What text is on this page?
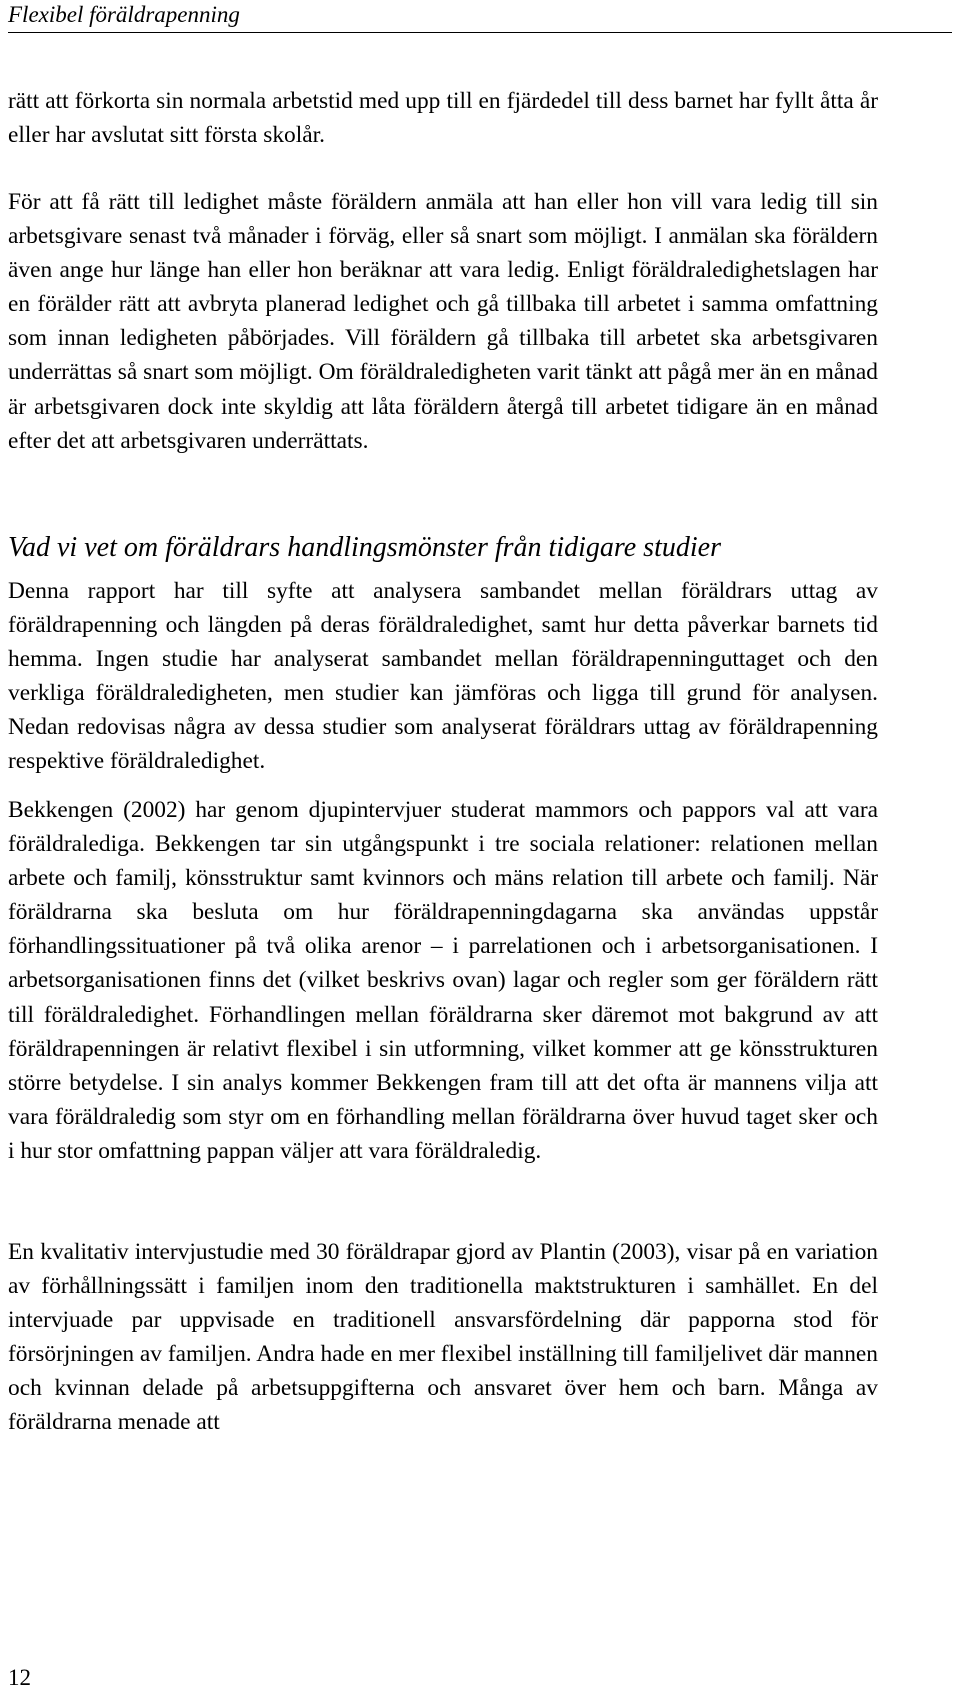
Flexibel föräldrapenning

rätt att förkorta sin normala arbetstid med upp till en fjärdedel till dess barnet har fyllt åtta år eller har avslutat sitt första skolår.

För att få rätt till ledighet måste föräldern anmäla att han eller hon vill vara ledig till sin arbetsgivare senast två månader i förväg, eller så snart som möjligt. I anmälan ska föräldern även ange hur länge han eller hon beräknar att vara ledig. Enligt föräldraledighetslagen har en förälder rätt att avbryta planerad ledighet och gå tillbaka till arbetet i samma omfattning som innan ledigheten påbörjades. Vill föräldern gå tillbaka till arbetet ska arbetsgivaren underrättas så snart som möjligt. Om föräldraledigheten varit tänkt att pågå mer än en månad är arbetsgivaren dock inte skyldig att låta föräldern återgå till arbetet tidigare än en månad efter det att arbetsgivaren underrättats.

Vad vi vet om föräldrars handlingsmönster från tidigare studier

Denna rapport har till syfte att analysera sambandet mellan föräldrars uttag av föräldrapenning och längden på deras föräldraledighet, samt hur detta påverkar barnets tid hemma. Ingen studie har analyserat sambandet mellan föräldrapenninguttaget och den verkliga föräldraledigheten, men studier kan jämföras och ligga till grund för analysen. Nedan redovisas några av dessa studier som analyserat föräldrars uttag av föräldrapenning respektive föräldraledighet.

Bekkengen (2002) har genom djupintervjuer studerat mammors och pappors val att vara föräldralediga. Bekkengen tar sin utgångspunkt i tre sociala relationer: relationen mellan arbete och familj, könsstruktur samt kvinnors och mäns relation till arbete och familj. När föräldrarna ska besluta om hur föräldrapenningdagarna ska användas uppstår förhandlingssituationer på två olika arenor – i parrelationen och i arbetsorganisationen. I arbetsorganisationen finns det (vilket beskrivs ovan) lagar och regler som ger föräldern rätt till föräldraledighet. Förhandlingen mellan föräldrarna sker däremot mot bakgrund av att föräldrapenningen är relativt flexibel i sin utformning, vilket kommer att ge könsstrukturen större betydelse. I sin analys kommer Bekkengen fram till att det ofta är mannens vilja att vara föräldraledig som styr om en förhandling mellan föräldrarna över huvud taget sker och i hur stor omfattning pappan väljer att vara föräldraledig.

En kvalitativ intervjustudie med 30 föräldrapar gjord av Plantin (2003), visar på en variation av förhållningssätt i familjen inom den traditionella maktstrukturen i samhället. En del intervjuade par uppvisade en traditionell ansvarsfördelning där papporna stod för försörjningen av familjen. Andra hade en mer flexibel inställning till familjelivet där mannen och kvinnan delade på arbetsuppgifterna och ansvaret över hem och barn. Många av föräldrarna menade att

12
